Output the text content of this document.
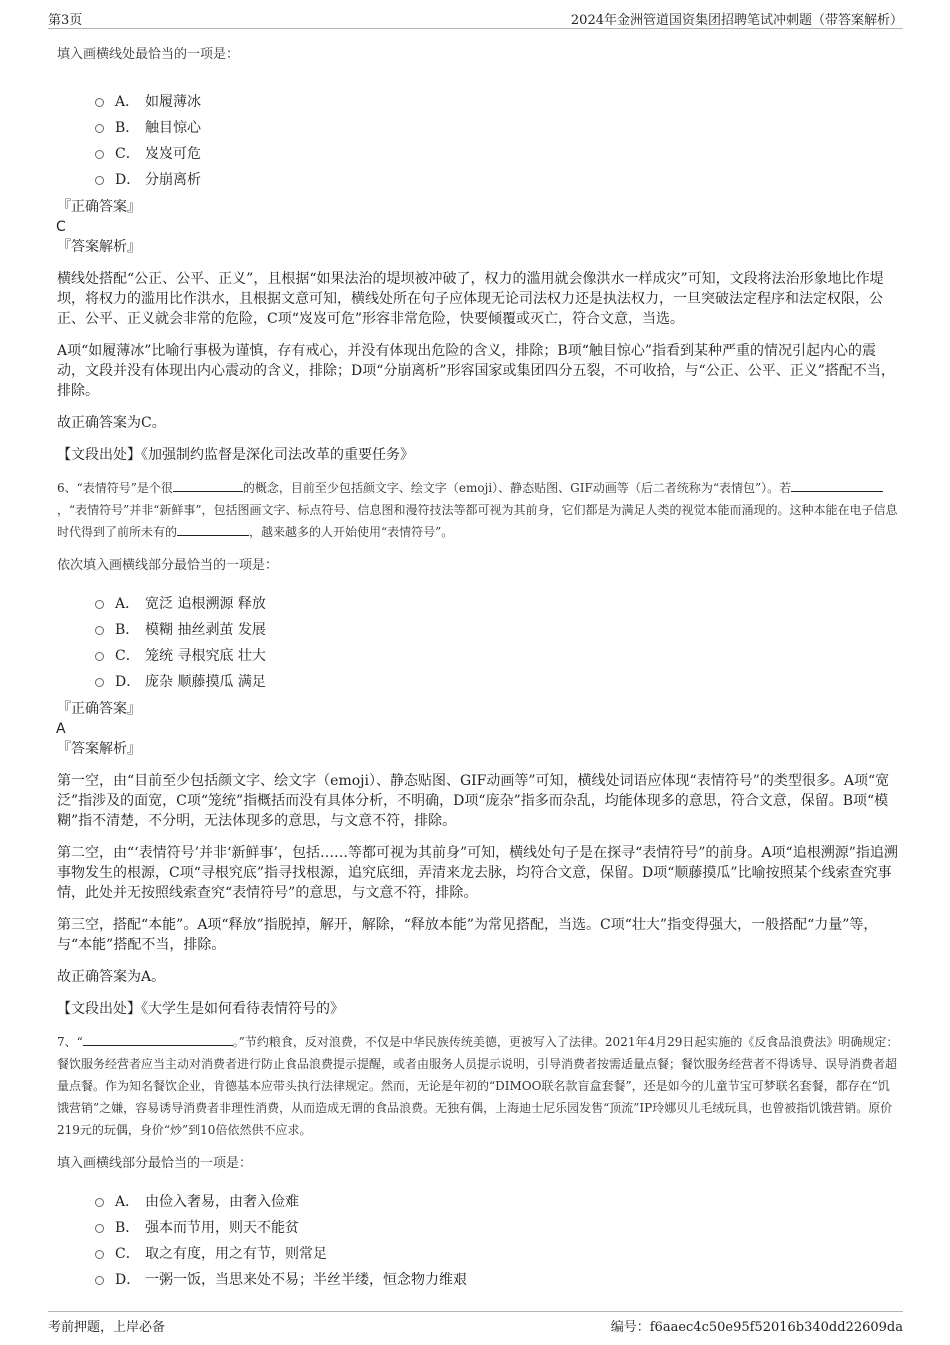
第3页	2024年金洲管道国资集团招聘笔试冲刺题（带答案解析）

填入画横线处最恰当的一项是：

A． 如履薄冰
B． 触目惊心
C． 岌岌可危
D． 分崩离析

『正确答案』

C

『答案解析』

横线处搭配“公正、公平、正义”，且根据“如果法治的堤坝被冲破了，权力的滥用就会像洪水一样成灾”可知，文段将法治形象地比作堤坝，将权力的滥用比作洪水，且根据文意可知，横线处所在句子应体现无论司法权力还是执法权力，一旦突破法定程序和法定权限，公正、公平、正义就会非常的危险，C项“岌岌可危”形容非常危险，快要倾覆或灭亡，符合文意，当选。

A项“如履薄冰”比喻行事极为谨慎，存有戒心，并没有体现出危险的含义，排除；B项“触目惊心”指看到某种严重的情况引起内心的震动，文段并没有体现出内心震动的含义，排除；D项“分崩离析”形容国家或集团四分五裂，不可收拾，与“公正、公平、正义”搭配不当，排除。

故正确答案为C。

【文段出处】《加强制约监督是深化司法改革的重要任务》

6、“表情符号”是个很	的概念，目前至少包括颜文字、绘文字（emoji）、静态贴图、GIF动画等（后二者统称为“表情包”）。若，“表情符号”并非“新鲜事”，包括图画文字、标点符号、信息图和漫符技法等都可视为其前身，它们都是为满足人类的视觉本能而涌现的。这种本能在电子信息时代得到了前所未有的	，越来越多的人开始使用“表情符号”。

依次填入画横线部分最恰当的一项是：

A． 宽泛 追根溯源 释放
B． 模糊 抽丝剥茧 发展
C． 笼统 寻根究底 壮大
D． 庞杂 顺藤摸瓜 满足

『正确答案』

A

『答案解析』

第一空，由“目前至少包括颜文字、绘文字（emoji）、静态贴图、GIF动画等”可知，横线处词语应体现“表情符号”的类型很多。A项“宽泛”指涉及的面宽，C项“笼统”指概括而没有具体分析，不明确，D项“庞杂”指多而杂乱，均能体现多的意思，符合文意，保留。B项“模糊”指不清楚，不分明，无法体现多的意思，与文意不符，排除。

第二空，由“‘表情符号’并非‘新鲜事’，包括……等都可视为其前身”可知，横线处句子是在探寻“表情符号”的前身。A项“追根溯源”指追溯事物发生的根源，C项“寻根究底”指寻找根源，追究底细，弄清来龙去脉，均符合文意，保留。D项“顺藤摸瓜”比喻按照某个线索查究事情，此处并无按照线索查究“表情符号”的意思，与文意不符，排除。

第三空，搭配“本能”。A项“释放”指脱掉，解开，解除，“释放本能”为常见搭配，当选。C项“壮大”指变得强大，一般搭配“力量”等，与“本能”搭配不当，排除。

故正确答案为A。

【文段出处】《大学生是如何看待表情符号的》

7、“	。”节约粮食，反对浪费，不仅是中华民族传统美德，更被写入了法律。2021年4月29日起实施的《反食品浪费法》明确规定：餐饮服务经营者应当主动对消费者进行防止食品浪费提示提醒，或者由服务人员提示说明，引导消费者按需适量点餐；餐饮服务经营者不得诱导、误导消费者超量点餐。作为知名餐饮企业，肯德基本应带头执行法律规定。然而，无论是年初的“DIMOO联名款盲盒套餐”，还是如今的儿童节宝可梦联名套餐，都存在“饥饿营销”之嫌，容易诱导消费者非理性消费，从而造成无谓的食品浪费。无独有偶，上海迪士尼乐园发售“顶流”IP玲娜贝儿毛绒玩具，也曾被指饥饿营销。原价219元的玩偶，身价“炒”到10倍依然供不应求。

填入画横线部分最恰当的一项是：

A． 由俭入奢易，由奢入俭难
B． 强本而节用，则天不能贫
C． 取之有度，用之有节，则常足
D． 一粥一饭，当思来处不易；半丝半缕，恒念物力维艰
考前押题，上岸必备	编号：f6aaec4c50e95f52016b340dd22609da
